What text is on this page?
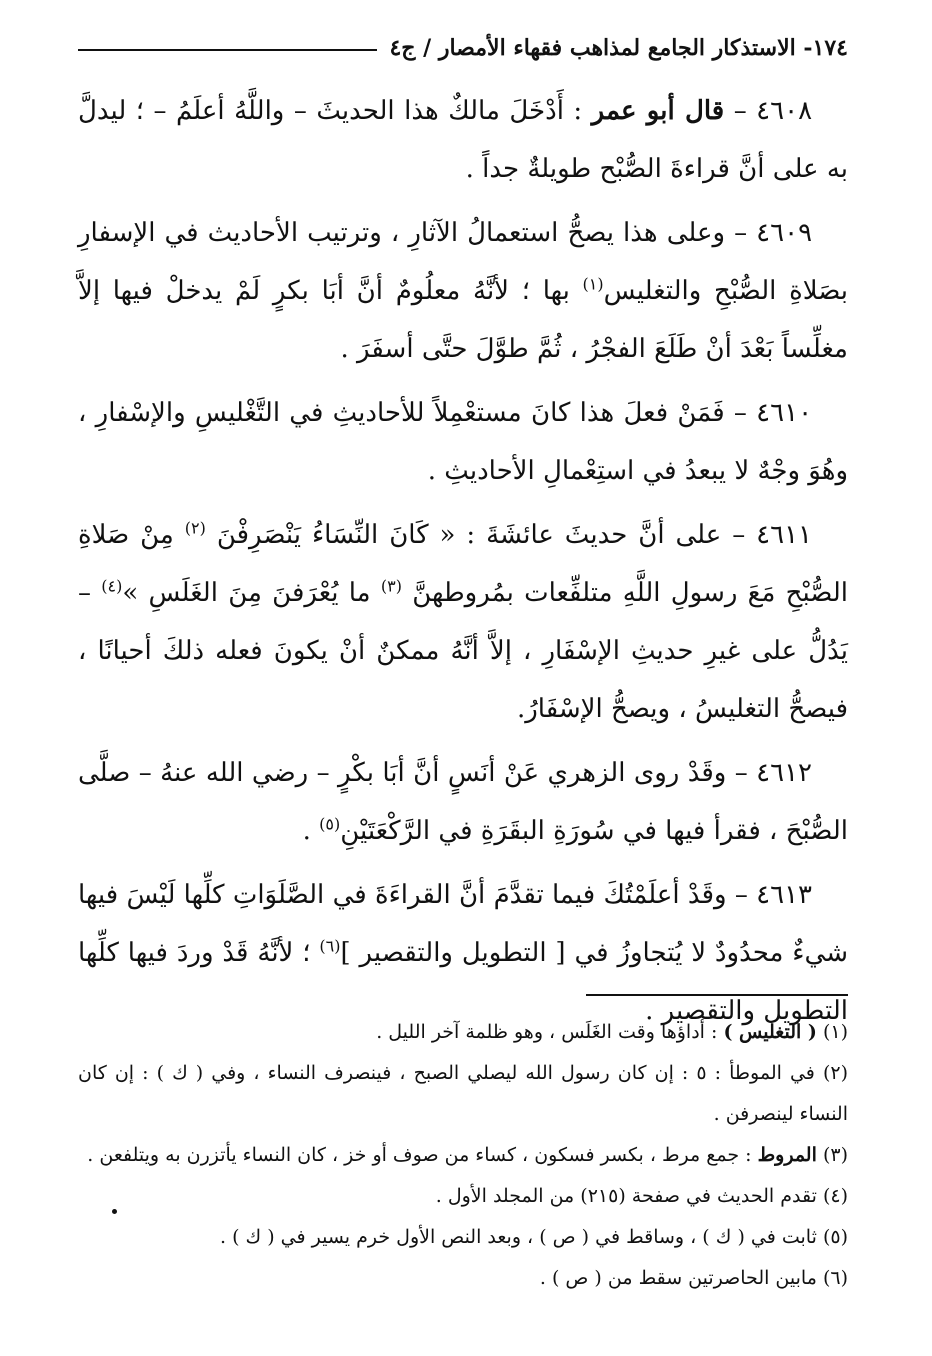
١٧٤- الاستذكار الجامع لمذاهب فقهاء الأمصار / ج٤

٤٦٠٨ – قال أبو عمر : أَدْخَلَ مالكٌ هذا الحديثَ – واللَّهُ أعلَمُ – ؛ ليدلَّ به على أنَّ قراءةَ الصُّبْح طويلةٌ جداً .

٤٦٠٩ – وعلى هذا يصحُّ استعمالُ الآثارِ ، وترتيب الأحاديث في الإسفارِ بصَلاةِ الصُّبْحِ والتغليس$^{(١)}$ بها ؛ لأنَّهُ معلُومٌ أنَّ أبَا بكرٍ لَمْ يدخلْ فيها إلاَّ مغلِّساً بَعْدَ أنْ طَلَعَ الفجْرُ ، ثُمَّ طوَّلَ حتَّى أسفَرَ .

٤٦١٠ – فَمَنْ فعلَ هذا كانَ مستعْمِلاً للأحاديثِ في التَّغْليسِ والإسْفارِ ، وهُوَ وجْهٌ لا يبعدُ في استِعْمالِ الأحاديثِ .

٤٦١١ – على أنَّ حديثَ عائشَةَ : « كَانَ النِّسَاءُ يَنْصَرِفْنَ $^{(٢)}$ مِنْ صَلاةِ الصُّبْحِ مَعَ رسولِ اللَّهِ متلفِّعات بمُروطهنَّ $^{(٣)}$ ما يُعْرَفنَ مِنَ الغَلَسِ »$^{(٤)}$ – يَدُلُّ على غيرِ حديثِ الإسْفَارِ ، إلاَّ أنَّهُ ممكنٌ أنْ يكونَ فعله ذلكَ أحيانًا ، فيصحُّ التغليسُ ، ويصحُّ الإسْفَارُ.

٤٦١٢ – وقَدْ روى الزهري عَنْ أنَسٍ أنَّ أبَا بكْرٍ – رضي الله عنهُ – صلَّى الصُّبْحَ ، فقرأ فيها في سُورَةِ البقَرَةِ في الرَّكْعَتَيْنِ$^{(٥)}$ .

٤٦١٣ – وقَدْ أعلَمْتُكَ فيما تقدَّمَ أنَّ القراءَةَ في الصَّلَوَاتِ كلِّها لَيْسَ فيها شيءٌ محدُودٌ لا يُتجاوزُ في [ التطويل والتقصير ]$^{(٦)}$ ؛ لأنَّهُ قَدْ وردَ فيها كلِّها التطويل والتقصير .

(١) ( التغليس ) : أداؤها وقت الغَلَس ، وهو ظلمة آخر الليل .

(٢) في الموطأ : ٥ : إن كان رسول الله ليصلي الصبح ، فينصرف النساء ، وفي ( ك ) : إن كان النساء لينصرفن .

(٣) المروط : جمع مرط ، بكسر فسكون ، كساء من صوف أو خز ، كان النساء يأتزرن به ويتلفعن .

(٤) تقدم الحديث في صفحة (٢١٥) من المجلد الأول .

(٥) ثابت في ( ك ) ، وساقط في ( ص ) ، وبعد النص الأول خرم يسير في ( ك ) .

(٦) مابين الحاصرتين سقط من ( ص ) .
